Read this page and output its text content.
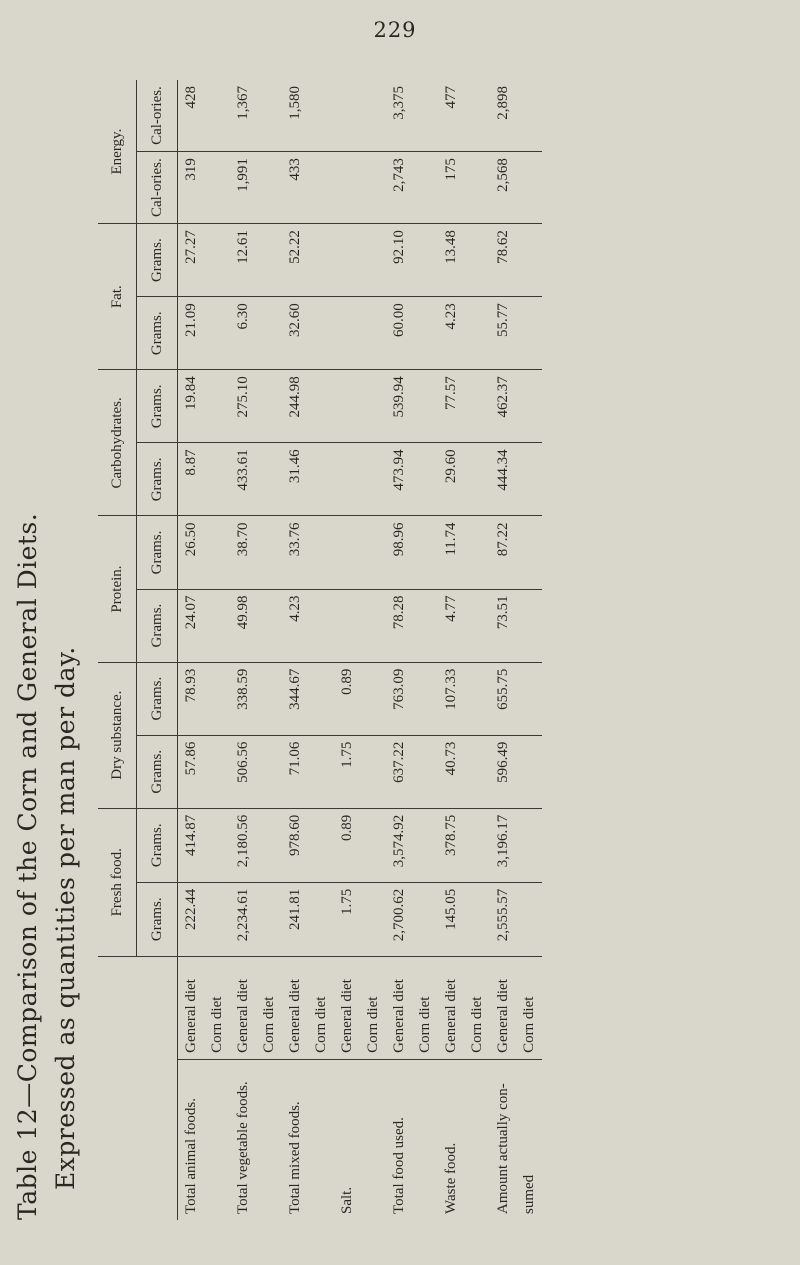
229
Table 12—Comparison of the Corn and General Diets. Expressed as quantities per man per day.
		Fresh food.		Dry substance.		Protein.		Carbohydrates.		Fat.		Energy.	
		Grams.	Grams.	Grams.	Grams.	Grams.	Grams.	Grams.	Grams.	Grams.	Grams.	Cal-ories.	Cal-ories.
Total animal foods.	General diet	222.44	414.87	57.86	78.93	24.07	26.50	8.87	19.84	21.09	27.27	319	428
	Corn diet												
Total vegetable foods.	General diet	2,234.61	2,180.56	506.56	338.59	49.98	38.70	433.61	275.10	6.30	12.61	1,991	1,367
	Corn diet												
Total mixed foods.	General diet	241.81	978.60	71.06	344.67	4.23	33.76	31.46	244.98	32.60	52.22	433	1,580
	Corn diet												
Salt.	General diet	1.75	0.89	1.75	0.89								
	Corn diet												
Total food used.	General diet	2,700.62	3,574.92	637.22	763.09	78.28	98.96	473.94	539.94	60.00	92.10	2,743	3,375
	Corn diet												
Waste food.	General diet	145.05	378.75	40.73	107.33	4.77	11.74	29.60	77.57	4.23	13.48	175	477
	Corn diet												
Amount actually con-	General diet	2,555.57	3,196.17	596.49	655.75	73.51	87.22	444.34	462.37	55.77	78.62	2,568	2,898
sumed	Corn diet												
